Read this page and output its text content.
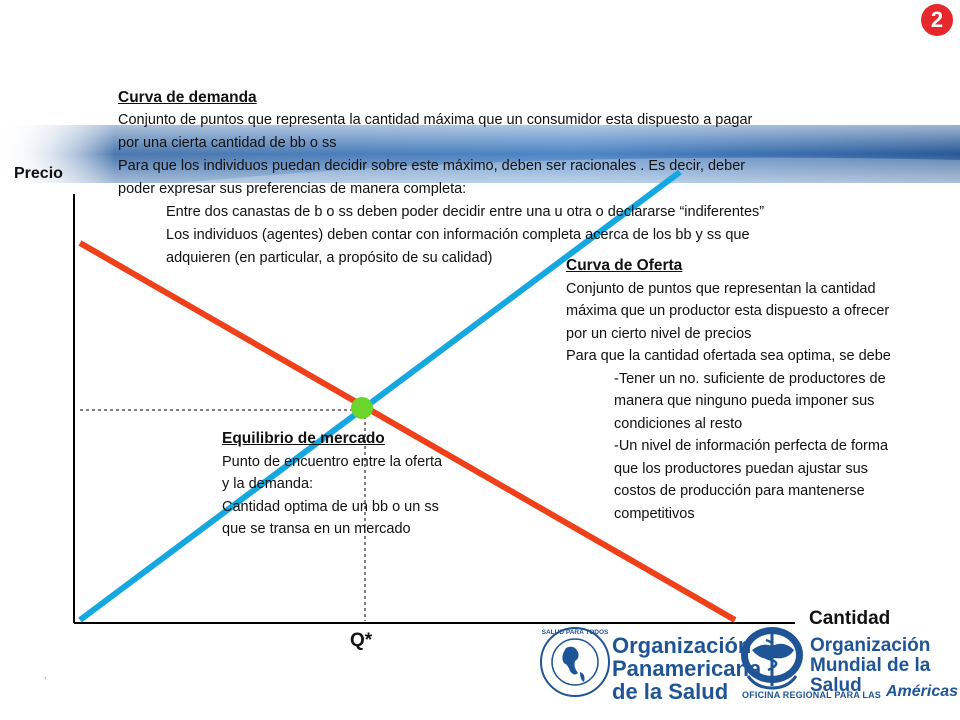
SALUD PARA TODOS
,
2
Precio
Cantidad
Q*
Curva de demanda
Conjunto de puntos que representa la cantidad máxima que un consumidor esta dispuesto a pagar
por una cierta cantidad de bb o ss
Para que los individuos puedan decidir sobre este máximo, deben ser racionales . Es decir, deber
poder expresar sus preferencias de manera completa:
Entre dos canastas de b o ss deben poder decidir entre una u otra o declararse “indiferentes”
Los individuos (agentes) deben contar con información completa acerca de los bb y ss que
adquieren (en particular, a propósito de su calidad)	Curva de Oferta
Conjunto de puntos que representan la cantidad
máxima que un productor esta dispuesto a ofrecer
por un cierto nivel de precios
Para que la cantidad ofertada sea optima, se debe
-Tener un no. suficiente de productores de
manera que ninguno pueda imponer sus
condiciones al resto
-Un nivel de información perfecta de forma
que los productores puedan ajustar sus
costos de producción para mantenerse
competitivos
Equilibrio de mercado
Punto de encuentro entre la oferta
y la demanda:
Cantidad optima de un bb o un ss
que se transa en un mercado
Organización
Panamericana
de la Salud
Organización
Mundial de la Salud
OFICINA REGIONAL PARA LAS Américas
